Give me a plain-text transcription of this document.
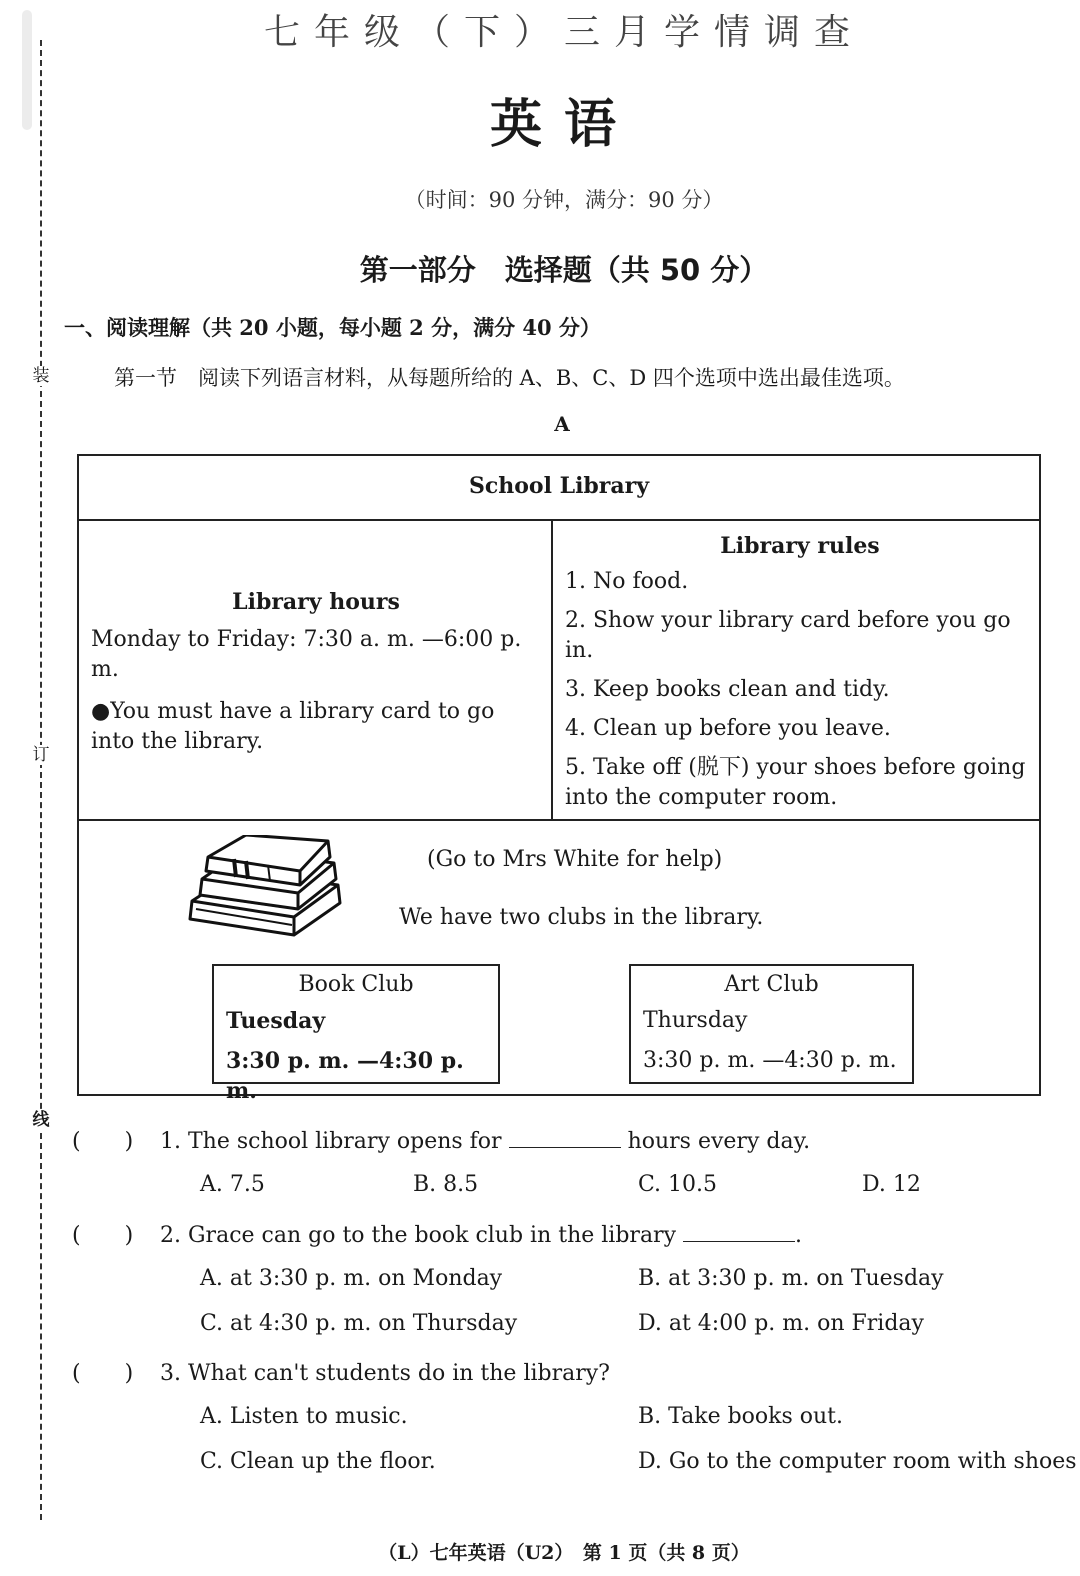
装
订
线
七年级（下）三月学情调查
英语
（时间：90 分钟，满分：90 分）
第一部分　选择题（共 50 分）
一、阅读理解（共 20 小题，每小题 2 分，满分 40 分）
第一节　阅读下列语言材料，从每题所给的 A、B、C、D 四个选项中选出最佳选项。
A
School Library
Library hours

Monday to Friday: 7:30 a. m. —6:00 p. m.

●You must have a library card to go into the library.

Library rules
1. No food.
2. Show your library card before you go in.
3. Keep books clean and tidy.
4. Clean up before you leave.
5. Take off (脱下) your shoes before going into the computer room.
(Go to Mrs White for help)
We have two clubs in the library.
Book Club
Tuesday
3:30 p. m. —4:30 p. m.
Art Club
Thursday
3:30 p. m. —4:30 p. m.
(　　) 1. The school library opens for	hours every day.
A. 7.5	B. 8.5	C. 10.5	D. 12
(　　) 2. Grace can go to the book club in the library	.
A. at 3:30 p. m. on Monday	B. at 3:30 p. m. on Tuesday
C. at 4:30 p. m. on Thursday	D. at 4:00 p. m. on Friday
(　　) 3. What can't students do in the library?
A. Listen to music.	B. Take books out.
C. Clean up the floor.	D. Go to the computer room with shoes
（L）七年英语（U2）　第 1 页（共 8 页）
